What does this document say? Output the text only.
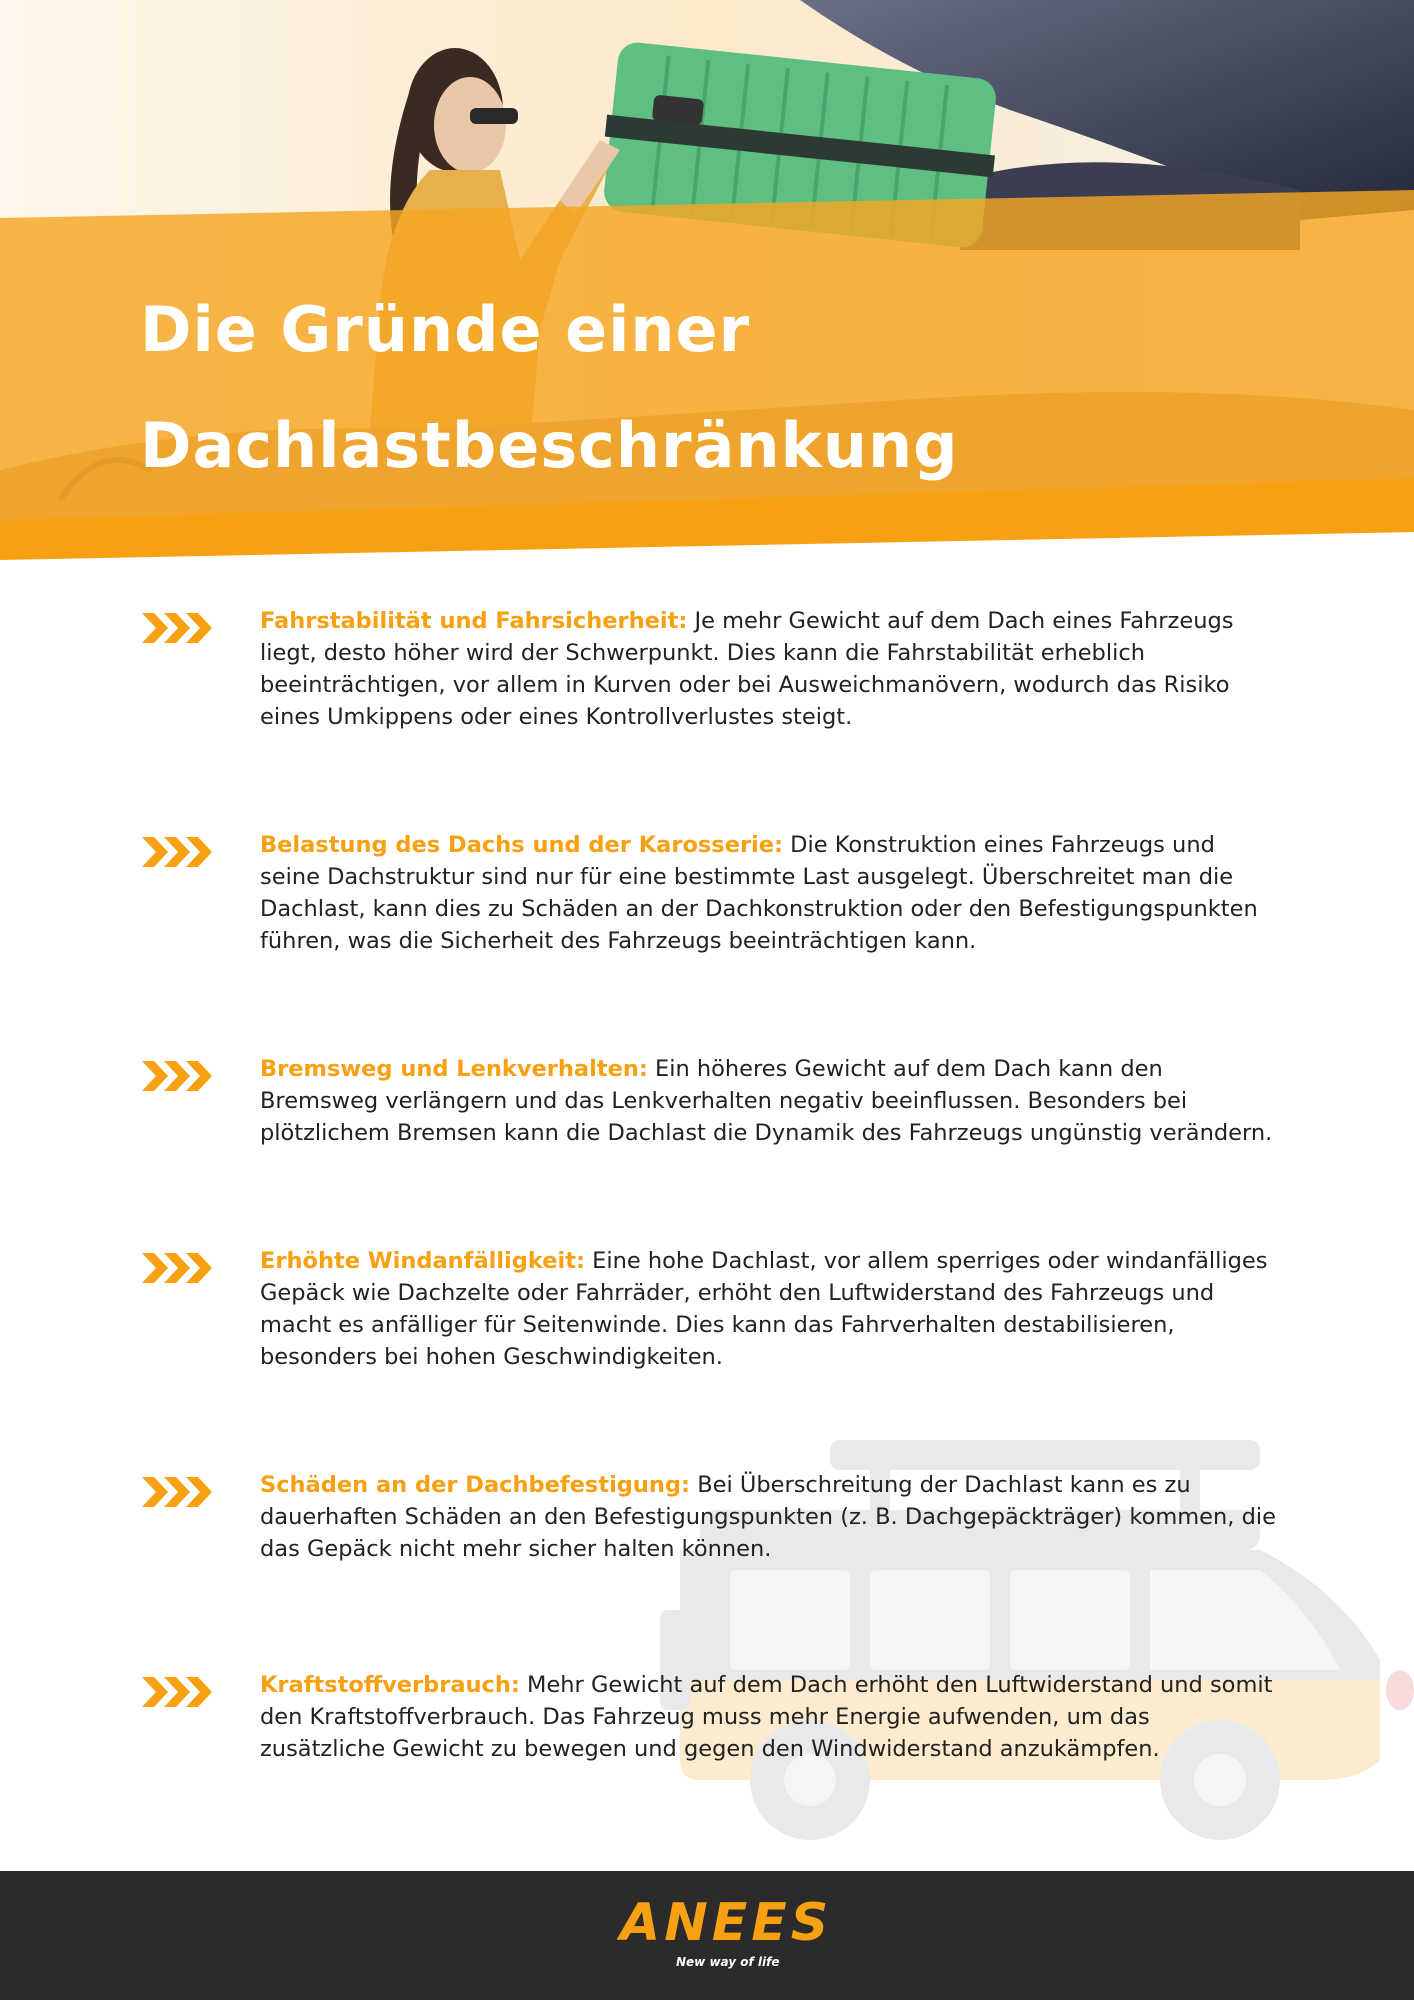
Die Gründe einer
Dachlastbeschränkung

Fahrstabilität und Fahrsicherheit: Je mehr Gewicht auf dem Dach eines Fahrzeugs liegt, desto höher wird der Schwerpunkt. Dies kann die Fahrstabilität erheblich beeinträchtigen, vor allem in Kurven oder bei Ausweichmanövern, wodurch das Risiko eines Umkippens oder eines Kontrollverlustes steigt.

Belastung des Dachs und der Karosserie: Die Konstruktion eines Fahrzeugs und seine Dachstruktur sind nur für eine bestimmte Last ausgelegt. Überschreitet man die Dachlast, kann dies zu Schäden an der Dachkonstruktion oder den Befestigungspunkten führen, was die Sicherheit des Fahrzeugs beeinträchtigen kann.

Bremsweg und Lenkverhalten: Ein höheres Gewicht auf dem Dach kann den Bremsweg verlängern und das Lenkverhalten negativ beeinflussen. Besonders bei plötzlichem Bremsen kann die Dachlast die Dynamik des Fahrzeugs ungünstig verändern.

Erhöhte Windanfälligkeit: Eine hohe Dachlast, vor allem sperriges oder windanfälliges Gepäck wie Dachzelte oder Fahrräder, erhöht den Luftwiderstand des Fahrzeugs und macht es anfälliger für Seitenwinde. Dies kann das Fahrverhalten destabilisieren, besonders bei hohen Geschwindigkeiten.

Schäden an der Dachbefestigung: Bei Überschreitung der Dachlast kann es zu dauerhaften Schäden an den Befestigungspunkten (z. B. Dachgepäckträger) kommen, die das Gepäck nicht mehr sicher halten können.

Kraftstoffverbrauch: Mehr Gewicht auf dem Dach erhöht den Luftwiderstand und somit den Kraftstoffverbrauch. Das Fahrzeug muss mehr Energie aufwenden, um das zusätzliche Gewicht zu bewegen und gegen den Windwiderstand anzukämpfen.

ANEES
New way of life
